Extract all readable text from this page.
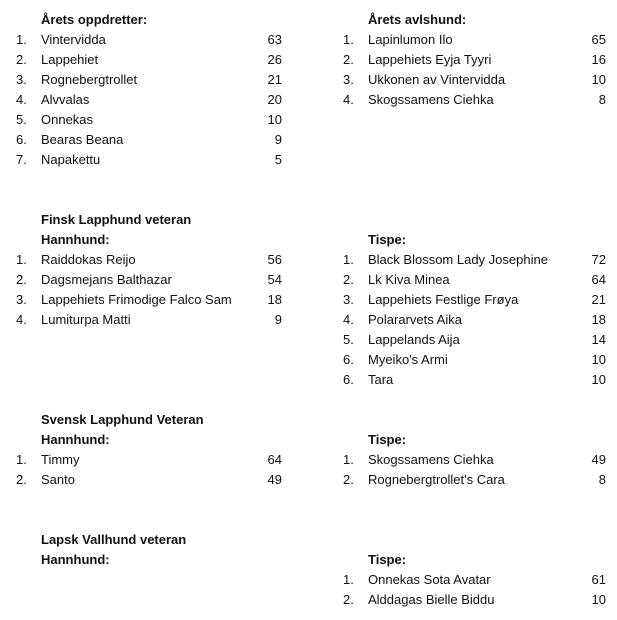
Årets oppdretter:
1. Vintervidda	63
2. Lappehiet	26
3. Rognebergtrollet	21
4. Alvvalas	20
5. Onnekas	10
6. Bearas Beana	9
7. Napakettu	5
Finsk Lapphund veteran
Hannhund:
1. Raiddokas Reijo	56
2. Dagsmejans Balthazar	54
3. Lappehiets Frimodige Falco Sam	18
4. Lumiturpa Matti	9
Svensk Lapphund Veteran
Hannhund:
1. Timmy	64
2. Santo	49
Lapsk Vallhund veteran
Hannhund:
Årets avlshund:
1. Lapinlumon Ilo	65
2. Lappehiets Eyja Tyyri	16
3. Ukkonen av Vintervidda	10
4. Skogssamens Ciehka	8
Tispe:
1. Black Blossom Lady Josephine	72
2. Lk Kiva Minea	64
3. Lappehiets Festlige Frøya	21
4. Polararvets Aika	18
5. Lappelands Aija	14
6. Myeiko's Armi	10
6. Tara	10
Tispe:
1. Skogssamens Ciehka	49
2. Rognebergtrollet's Cara	8
Tispe:
1. Onnekas Sota Avatar	61
2. Alddagas Bielle Biddu	10
